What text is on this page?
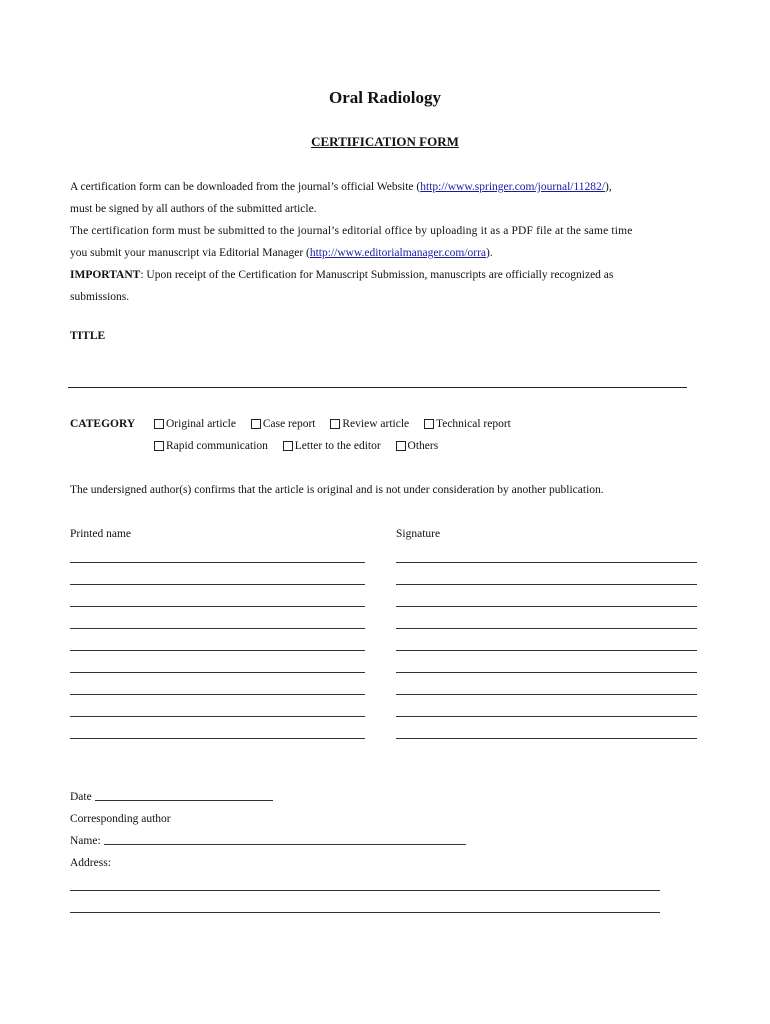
Oral Radiology
CERTIFICATION FORM

A certification form can be downloaded from the journal’s official Website (http://www.springer.com/journal/11282/),

must be signed by all authors of the submitted article.

The certification form must be submitted to the journal’s editorial office by uploading it as a PDF file at the same time

you submit your manuscript via Editorial Manager (http://www.editorialmanager.com/orra).

IMPORTANT: Upon receipt of the Certification for Manuscript Submission, manuscripts are officially recognized as

submissions.

TITLE
CATEGORY	Original article
Case report
Review article
Technical report
Rapid communication
Letter to the editor
Others
The undersigned author(s) confirms that the article is original and is not under consideration by another publication.
Printed name	Signature
Date
Corresponding author
Name:
Address:
